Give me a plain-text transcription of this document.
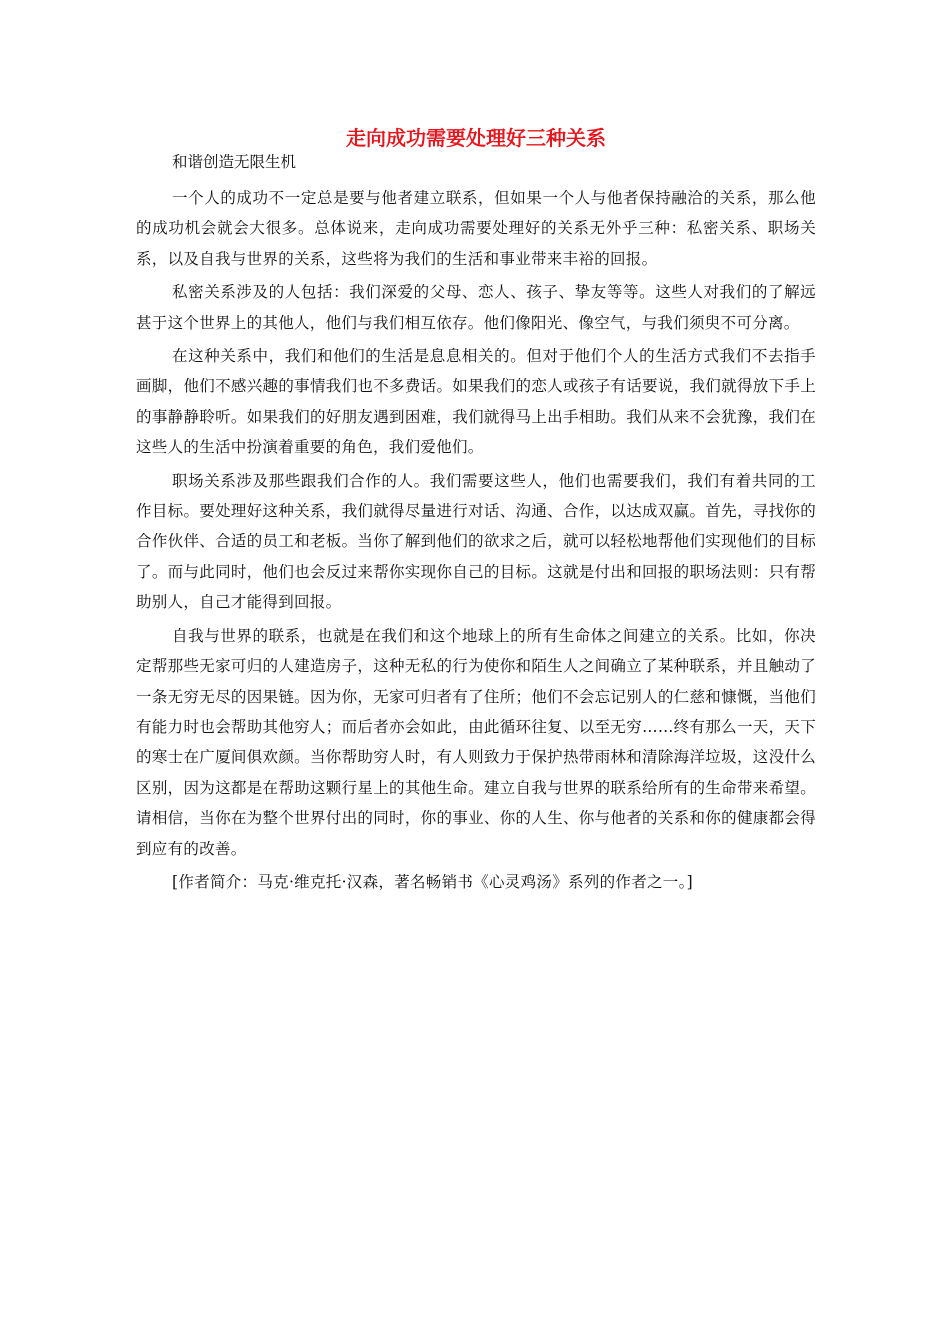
走向成功需要处理好三种关系

和谐创造无限生机

一个人的成功不一定总是要与他者建立联系，但如果一个人与他者保持融洽的关系，那么他的成功机会就会大很多。总体说来，走向成功需要处理好的关系无外乎三种：私密关系、职场关系，以及自我与世界的关系，这些将为我们的生活和事业带来丰裕的回报。

私密关系涉及的人包括：我们深爱的父母、恋人、孩子、挚友等等。这些人对我们的了解远甚于这个世界上的其他人，他们与我们相互依存。他们像阳光、像空气，与我们须臾不可分离。

在这种关系中，我们和他们的生活是息息相关的。但对于他们个人的生活方式我们不去指手画脚，他们不感兴趣的事情我们也不多费话。如果我们的恋人或孩子有话要说，我们就得放下手上的事静静聆听。如果我们的好朋友遇到困难，我们就得马上出手相助。我们从来不会犹豫，我们在这些人的生活中扮演着重要的角色，我们爱他们。

职场关系涉及那些跟我们合作的人。我们需要这些人，他们也需要我们，我们有着共同的工作目标。要处理好这种关系，我们就得尽量进行对话、沟通、合作，以达成双赢。首先，寻找你的合作伙伴、合适的员工和老板。当你了解到他们的欲求之后，就可以轻松地帮他们实现他们的目标了。而与此同时，他们也会反过来帮你实现你自己的目标。这就是付出和回报的职场法则：只有帮助别人，自己才能得到回报。

自我与世界的联系，也就是在我们和这个地球上的所有生命体之间建立的关系。比如，你决定帮那些无家可归的人建造房子，这种无私的行为使你和陌生人之间确立了某种联系，并且触动了一条无穷无尽的因果链。因为你，无家可归者有了住所；他们不会忘记别人的仁慈和慷慨，当他们有能力时也会帮助其他穷人；而后者亦会如此，由此循环往复、以至无穷……终有那么一天，天下的寒士在广厦间俱欢颜。当你帮助穷人时，有人则致力于保护热带雨林和清除海洋垃圾，这没什么区别，因为这都是在帮助这颗行星上的其他生命。建立自我与世界的联系给所有的生命带来希望。请相信，当你在为整个世界付出的同时，你的事业、你的人生、你与他者的关系和你的健康都会得到应有的改善。

[作者简介：马克·维克托·汉森，著名畅销书《心灵鸡汤》系列的作者之一。]
